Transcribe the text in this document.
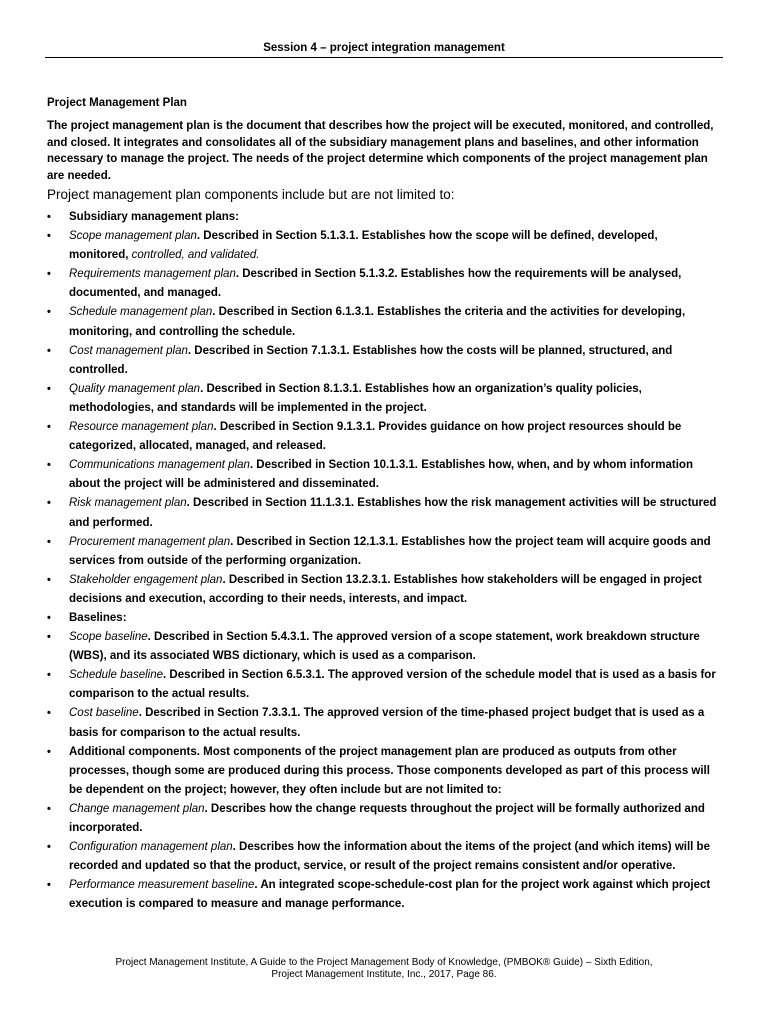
Session 4 – project integration management
Project Management Plan

The project management plan is the document that describes how the project will be executed, monitored, and controlled, and closed. It integrates and consolidates all of the subsidiary management plans and baselines, and other information necessary to manage the project. The needs of the project determine which components of the project management plan are needed.

Project management plan components include but are not limited to:

•	Subsidiary management plans:
•	Scope management plan. Described in Section 5.1.3.1. Establishes how the scope will be defined, developed, monitored, controlled, and validated.
•	Requirements management plan. Described in Section 5.1.3.2. Establishes how the requirements will be analysed, documented, and managed.
•	Schedule management plan. Described in Section 6.1.3.1. Establishes the criteria and the activities for developing, monitoring, and controlling the schedule.
•	Cost management plan. Described in Section 7.1.3.1. Establishes how the costs will be planned, structured, and controlled.
•	Quality management plan. Described in Section 8.1.3.1. Establishes how an organization’s quality policies, methodologies, and standards will be implemented in the project.
•	Resource management plan. Described in Section 9.1.3.1. Provides guidance on how project resources should be categorized, allocated, managed, and released.
•	Communications management plan. Described in Section 10.1.3.1. Establishes how, when, and by whom information about the project will be administered and disseminated.
•	Risk management plan. Described in Section 11.1.3.1. Establishes how the risk management activities will be structured and performed.
•	Procurement management plan. Described in Section 12.1.3.1. Establishes how the project team will acquire goods and services from outside of the performing organization.
•	Stakeholder engagement plan. Described in Section 13.2.3.1. Establishes how stakeholders will be engaged in project decisions and execution, according to their needs, interests, and impact.
•	Baselines:
•	Scope baseline. Described in Section 5.4.3.1. The approved version of a scope statement, work breakdown structure (WBS), and its associated WBS dictionary, which is used as a comparison.
•	Schedule baseline. Described in Section 6.5.3.1. The approved version of the schedule model that is used as a basis for comparison to the actual results.
•	Cost baseline. Described in Section 7.3.3.1. The approved version of the time-phased project budget that is used as a basis for comparison to the actual results.
•	Additional components. Most components of the project management plan are produced as outputs from other processes, though some are produced during this process. Those components developed as part of this process will be dependent on the project; however, they often include but are not limited to:
•	Change management plan. Describes how the change requests throughout the project will be formally authorized and incorporated.
•	Configuration management plan. Describes how the information about the items of the project (and which items) will be recorded and updated so that the product, service, or result of the project remains consistent and/or operative.
•	Performance measurement baseline. An integrated scope-schedule-cost plan for the project work against which project execution is compared to measure and manage performance.
Project Management Institute, A Guide to the Project Management Body of Knowledge, (PMBOK® Guide) – Sixth Edition,
Project Management Institute, Inc., 2017, Page 86.
